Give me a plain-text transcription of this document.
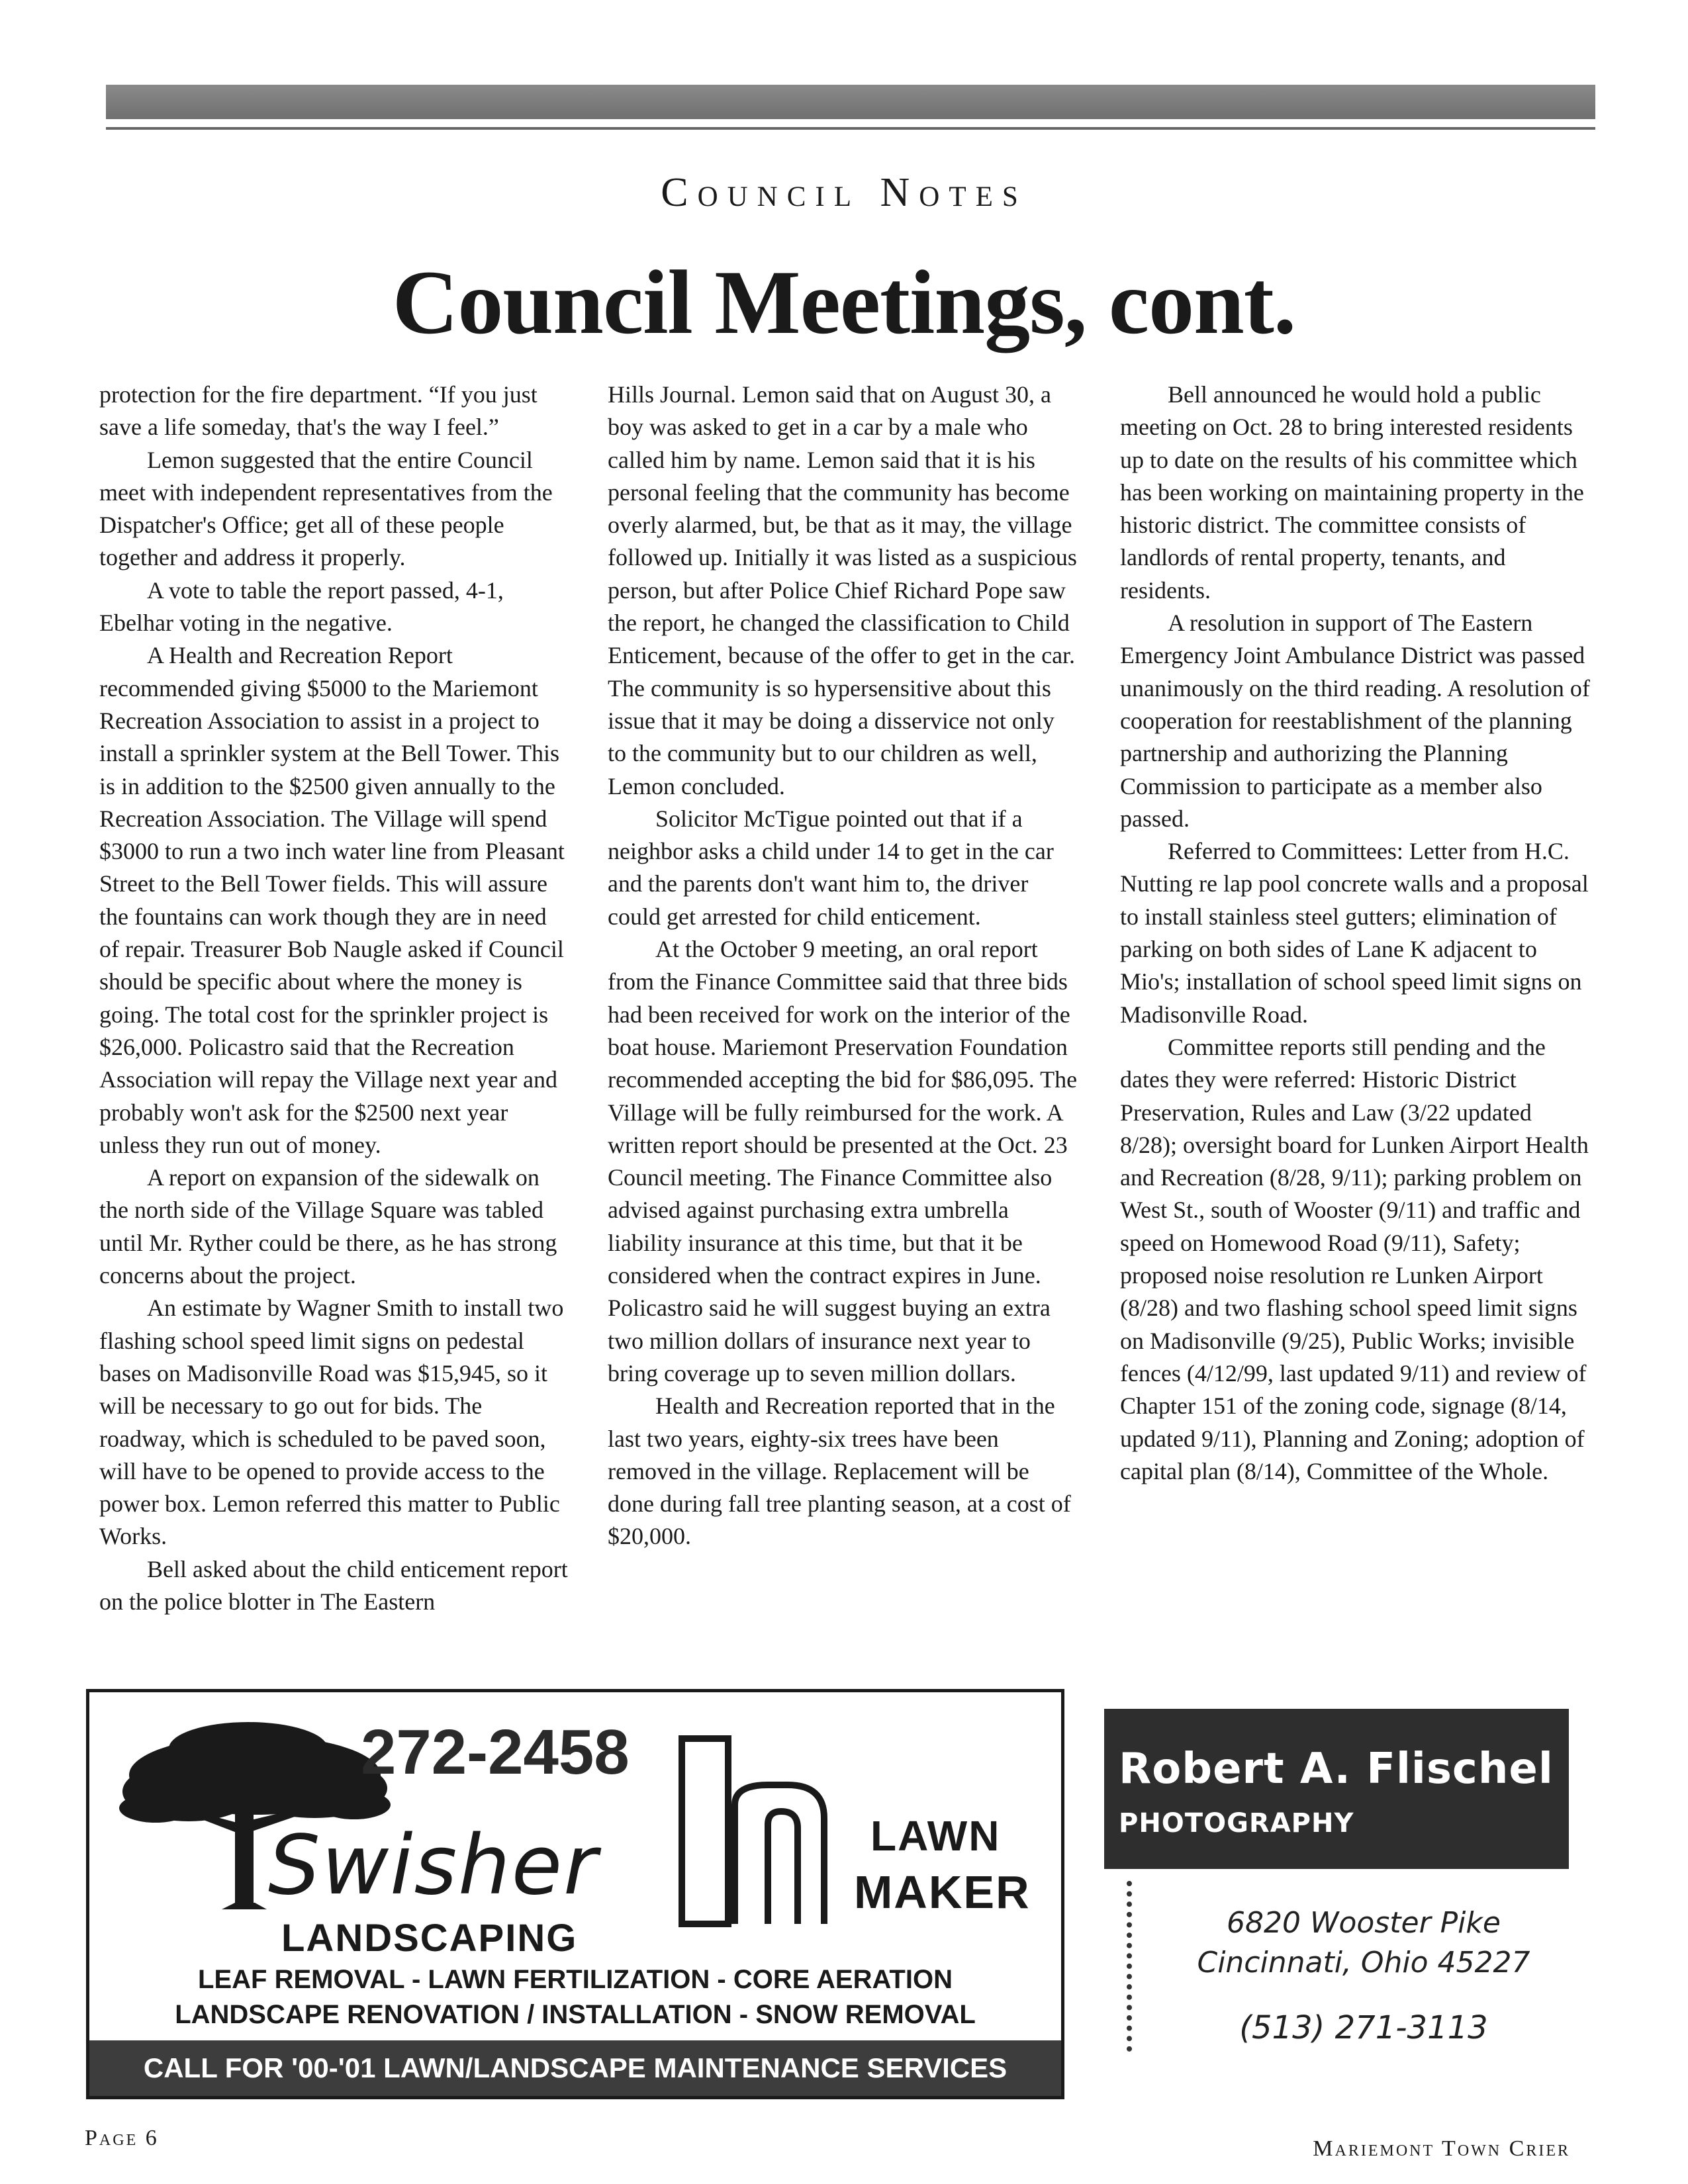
Council Notes
Council Meetings, cont.

protection for the fire department. “If you just save a life someday, that's the way I feel.”

Lemon suggested that the entire Council meet with independent representatives from the Dispatcher's Office; get all of these people together and address it properly.

A vote to table the report passed, 4-1, Ebelhar voting in the negative.

A Health and Recreation Report recommended giving $5000 to the Mariemont Recreation Association to assist in a project to install a sprinkler system at the Bell Tower. This is in addition to the $2500 given annually to the Recreation Association. The Village will spend $3000 to run a two inch water line from Pleasant Street to the Bell Tower fields. This will assure the fountains can work though they are in need of repair. Treasurer Bob Naugle asked if Council should be specific about where the money is going. The total cost for the sprinkler project is $26,000. Policastro said that the Recreation Association will repay the Village next year and probably won't ask for the $2500 next year unless they run out of money.

A report on expansion of the sidewalk on the north side of the Village Square was tabled until Mr. Ryther could be there, as he has strong concerns about the project.

An estimate by Wagner Smith to install two flashing school speed limit signs on pedestal bases on Madisonville Road was $15,945, so it will be necessary to go out for bids. The roadway, which is scheduled to be paved soon, will have to be opened to provide access to the power box. Lemon referred this matter to Public Works.

Bell asked about the child enticement report on the police blotter in The Eastern

Hills Journal. Lemon said that on August 30, a boy was asked to get in a car by a male who called him by name. Lemon said that it is his personal feeling that the community has become overly alarmed, but, be that as it may, the village followed up. Initially it was listed as a suspicious person, but after Police Chief Richard Pope saw the report, he changed the classification to Child Enticement, because of the offer to get in the car. The community is so hypersensitive about this issue that it may be doing a disservice not only to the community but to our children as well, Lemon concluded.

Solicitor McTigue pointed out that if a neighbor asks a child under 14 to get in the car and the parents don't want him to, the driver could get arrested for child enticement.

At the October 9 meeting, an oral report from the Finance Committee said that three bids had been received for work on the interior of the boat house. Mariemont Preservation Foundation recommended accepting the bid for $86,095. The Village will be fully reimbursed for the work. A written report should be presented at the Oct. 23 Council meeting. The Finance Committee also advised against purchasing extra umbrella liability insurance at this time, but that it be considered when the contract expires in June. Policastro said he will suggest buying an extra two million dollars of insurance next year to bring coverage up to seven million dollars.

Health and Recreation reported that in the last two years, eighty-six trees have been removed in the village. Replacement will be done during fall tree planting season, at a cost of $20,000.

Bell announced he would hold a public meeting on Oct. 28 to bring interested residents up to date on the results of his committee which has been working on maintaining property in the historic district. The committee consists of landlords of rental property, tenants, and residents.

A resolution in support of The Eastern Emergency Joint Ambulance District was passed unanimously on the third reading. A resolution of cooperation for reestablishment of the planning partnership and authorizing the Planning Commission to participate as a member also passed.

Referred to Committees: Letter from H.C. Nutting re lap pool concrete walls and a proposal to install stainless steel gutters; elimination of parking on both sides of Lane K adjacent to Mio's; installation of school speed limit signs on Madisonville Road.

Committee reports still pending and the dates they were referred: Historic District Preservation, Rules and Law (3/22 updated 8/28); oversight board for Lunken Airport Health and Recreation (8/28, 9/11); parking problem on West St., south of Wooster (9/11) and traffic and speed on Homewood Road (9/11), Safety; proposed noise resolution re Lunken Airport (8/28) and two flashing school speed limit signs on Madisonville (9/25), Public Works; invisible fences (4/12/99, last updated 9/11) and review of Chapter 151 of the zoning code, signage (8/14, updated 9/11), Planning and Zoning; adoption of capital plan (8/14), Committee of the Whole.

272-2458
Swisher
LANDSCAPING
LAWN
MAKER
LEAF REMOVAL - LAWN FERTILIZATION - CORE AERATION
LANDSCAPE RENOVATION / INSTALLATION - SNOW REMOVAL
CALL FOR '00-'01 LAWN/LANDSCAPE MAINTENANCE SERVICES
Robert A. Flischel
PHOTOGRAPHY
6820 Wooster Pike
Cincinnati, Ohio 45227
(513) 271-3113
Page 6	Mariemont Town Crier
